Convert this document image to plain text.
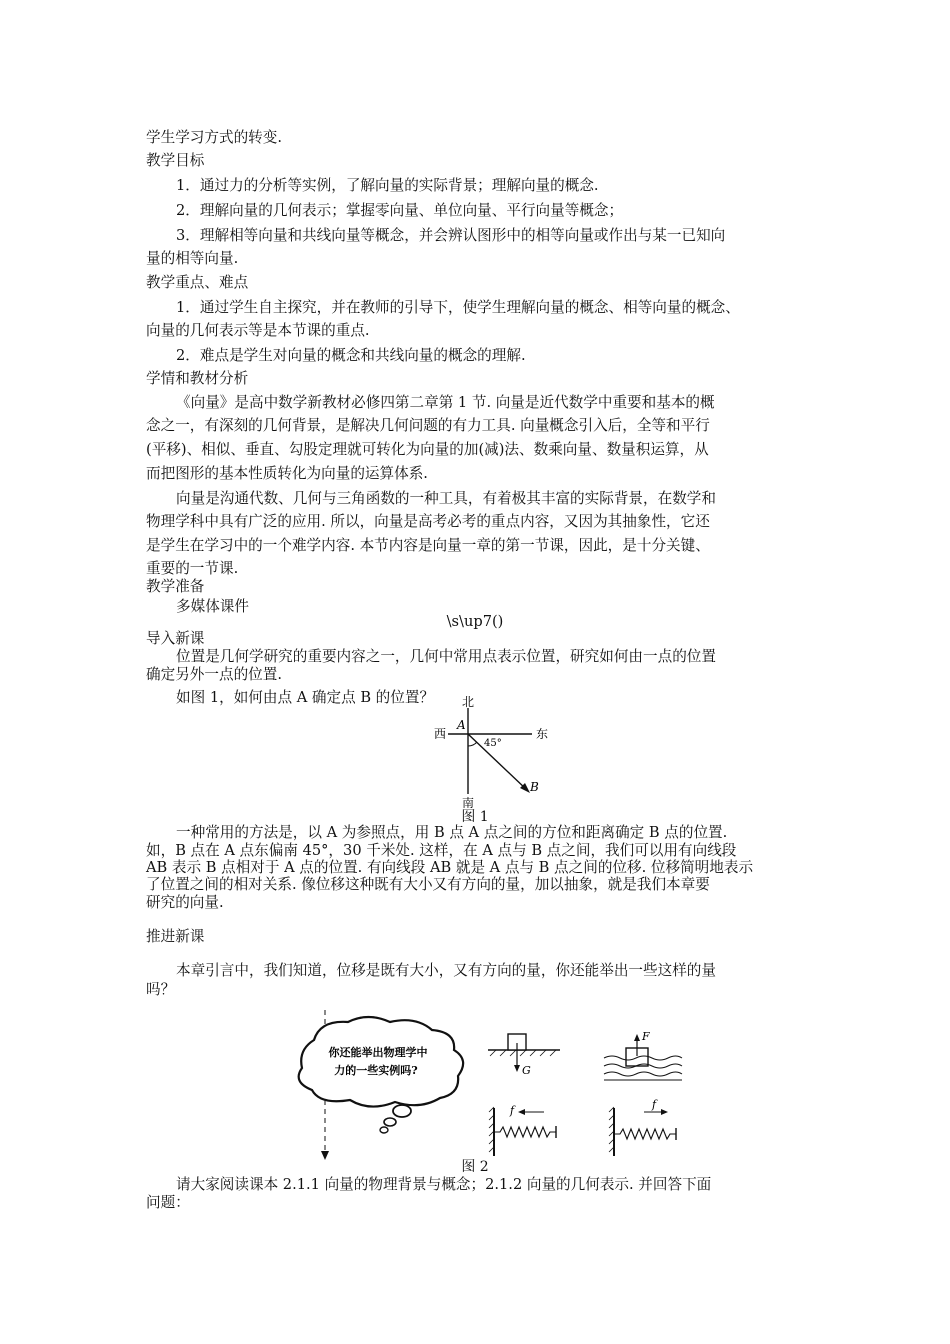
学生学习方式的转变.
教学目标
1．通过力的分析等实例，了解向量的实际背景；理解向量的概念.
2．理解向量的几何表示；掌握零向量、单位向量、平行向量等概念；
3．理解相等向量和共线向量等概念，并会辨认图形中的相等向量或作出与某一已知向
量的相等向量.
教学重点、难点
1．通过学生自主探究，并在教师的引导下，使学生理解向量的概念、相等向量的概念、
向量的几何表示等是本节课的重点.
2．难点是学生对向量的概念和共线向量的概念的理解.
学情和教材分析
《向量》是高中数学新教材必修四第二章第 1 节. 向量是近代数学中重要和基本的概
念之一，有深刻的几何背景，是解决几何问题的有力工具. 向量概念引入后，全等和平行
(平移)、相似、垂直、勾股定理就可转化为向量的加(减)法、数乘向量、数量积运算，从
而把图形的基本性质转化为向量的运算体系.
向量是沟通代数、几何与三角函数的一种工具，有着极其丰富的实际背景，在数学和
物理学科中具有广泛的应用. 所以，向量是高考必考的重点内容，又因为其抽象性，它还
是学生在学习中的一个难学内容. 本节内容是向量一章的第一节课，因此，是十分关键、
重要的一节课.
教学准备
多媒体课件
\s\up7()
导入新课
位置是几何学研究的重要内容之一，几何中常用点表示位置，研究如何由一点的位置
确定另外一点的位置.
如图 1，如何由点 A 确定点 B 的位置？	北
西	东
南
A
B
45°
图 1
一种常用的方法是，以 A 为参照点，用 B 点 A 点之间的方位和距离确定 B 点的位置.
如，B 点在 A 点东偏南 45°，30 千米处. 这样，在 A 点与 B 点之间，我们可以用有向线段
AB 表示 B 点相对于 A 点的位置. 有向线段 AB 就是 A 点与 B 点之间的位移. 位移简明地表示
了位置之间的相对关系. 像位移这种既有大小又有方向的量，加以抽象，就是我们本章要
研究的向量.
推进新课
本章引言中，我们知道，位移是既有大小，又有方向的量，你还能举出一些这样的量
吗？
你还能举出物理学中
力的一些实例吗?	G
F
f	f
图 2
请大家阅读课本 2.1.1 向量的物理背景与概念；2.1.2 向量的几何表示. 并回答下面
问题：
